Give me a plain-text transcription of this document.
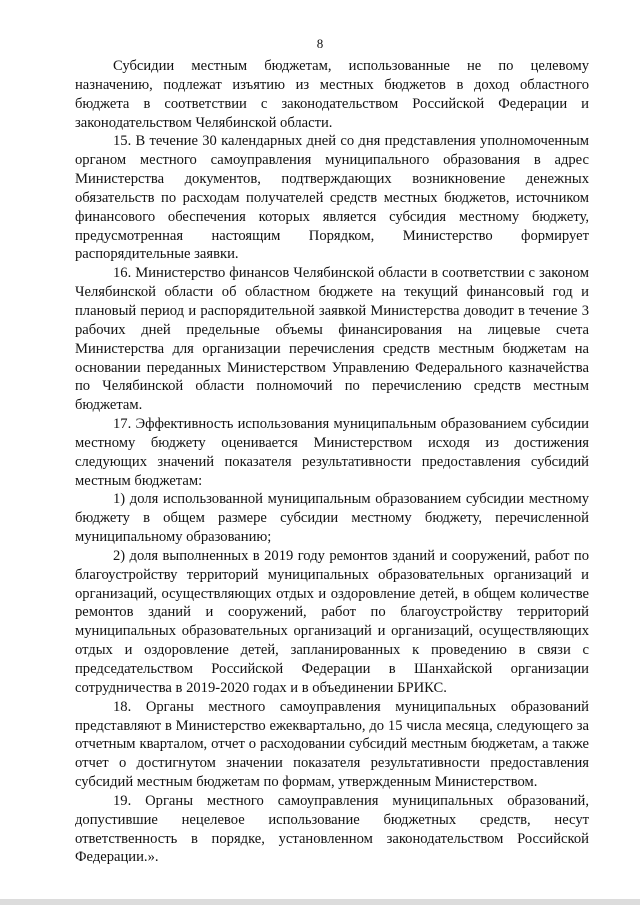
8

Субсидии местным бюджетам, использованные не по целевому назначению, подлежат изъятию из местных бюджетов в доход областного бюджета в соответствии с законодательством Российской Федерации и законодательством Челябинской области.

15. В течение 30 календарных дней со дня представления уполномоченным органом местного самоуправления муниципального образования в адрес Министерства документов, подтверждающих возникновение денежных обязательств по расходам получателей средств местных бюджетов, источником финансового обеспечения которых является субсидия местному бюджету, предусмотренная настоящим Порядком, Министерство формирует распорядительные заявки.

16. Министерство финансов Челябинской области в соответствии с законом Челябинской области об областном бюджете на текущий финансовый год и плановый период и распорядительной заявкой Министерства доводит в течение 3 рабочих дней предельные объемы финансирования на лицевые счета Министерства для организации перечисления средств местным бюджетам на основании переданных Министерством Управлению Федерального казначейства по Челябинской области полномочий по перечислению средств местным бюджетам.

17. Эффективность использования муниципальным образованием субсидии местному бюджету оценивается Министерством исходя из достижения следующих значений показателя результативности предоставления субсидий местным бюджетам:

1) доля использованной муниципальным образованием субсидии местному бюджету в общем размере субсидии местному бюджету, перечисленной муниципальному образованию;

2) доля выполненных в 2019 году ремонтов зданий и сооружений, работ по благоустройству территорий муниципальных образовательных организаций и организаций, осуществляющих отдых и оздоровление детей, в общем количестве ремонтов зданий и сооружений, работ по благоустройству территорий муниципальных образовательных организаций и организаций, осуществляющих отдых и оздоровление детей, запланированных к проведению в связи с председательством Российской Федерации в Шанхайской организации сотрудничества в 2019-2020 годах и в объединении БРИКС.

18. Органы местного самоуправления муниципальных образований представляют в Министерство ежеквартально, до 15 числа месяца, следующего за отчетным кварталом, отчет о расходовании субсидий местным бюджетам, а также отчет о достигнутом значении показателя результативности предоставления субсидий местным бюджетам по формам, утвержденным Министерством.

19. Органы местного самоуправления муниципальных образований, допустившие нецелевое использование бюджетных средств, несут ответственность в порядке, установленном законодательством Российской Федерации.».
